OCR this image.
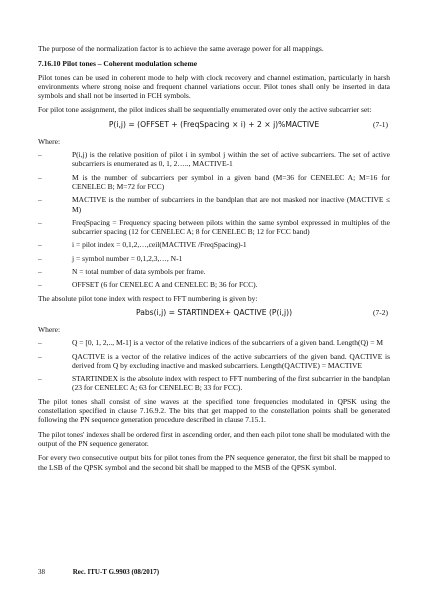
The purpose of the normalization factor is to achieve the same average power for all mappings.

7.16.10 Pilot tones – Coherent modulation scheme

Pilot tones can be used in coherent mode to help with clock recovery and channel estimation, particularly in harsh environments where strong noise and frequent channel variations occur. Pilot tones shall only be inserted in data symbols and shall not be inserted in FCH symbols.

For pilot tone assignment, the pilot indices shall be sequentially enumerated over only the active subcarrier set:

P(i,j) = (OFFSET + (FreqSpacing × i) + 2 × j)%MACTIVE	(7-1)
Where:
–	P(i,j) is the relative position of pilot i in symbol j within the set of active subcarriers. The set of active subcarriers is enumerated as 0, 1, 2….., MACTIVE-1
–	M is the number of subcarriers per symbol in a given band (M=36 for CENELEC A; M=16 for CENELEC B; M=72 for FCC)
–	MACTIVE is the number of subcarriers in the bandplan that are not masked nor inactive (MACTIVE ≤ M)
–	FreqSpacing = Frequency spacing between pilots within the same symbol expressed in multiples of the subcarrier spacing (12 for CENELEC A; 8 for CENELEC B; 12 for FCC band)
–	i = pilot index = 0,1,2,…,ceil(MACTIVE /FreqSpacing)-1
–	j = symbol number = 0,1,2,3,…, N-1
–	N = total number of data symbols per frame.
–	OFFSET (6 for CENELEC A and CENELEC B; 36 for FCC).

The absolute pilot tone index with respect to FFT numbering is given by:

Pabs(i,j) = STARTINDEX+ QACTIVE (P(i,j))	(7-2)
Where:
–	Q = [0, 1, 2,.., M-1] is a vector of the relative indices of the subcarriers of a given band. Length(Q) = M
–	QACTIVE is a vector of the relative indices of the active subcarriers of the given band. QACTIVE is derived from Q by excluding inactive and masked subcarriers. Length(QACTIVE) = MACTIVE
–	STARTINDEX is the absolute index with respect to FFT numbering of the first subcarrier in the bandplan (23 for CENELEC A; 63 for CENELEC B; 33 for FCC).

The pilot tones shall consist of sine waves at the specified tone frequencies modulated in QPSK using the constellation specified in clause 7.16.9.2. The bits that get mapped to the constellation points shall be generated following the PN sequence generation procedure described in clause 7.15.1.

The pilot tones' indexes shall be ordered first in ascending order, and then each pilot tone shall be modulated with the output of the PN sequence generator.

For every two consecutive output bits for pilot tones from the PN sequence generator, the first bit shall be mapped to the LSB of the QPSK symbol and the second bit shall be mapped to the MSB of the QPSK symbol.

38	Rec. ITU-T G.9903 (08/2017)
